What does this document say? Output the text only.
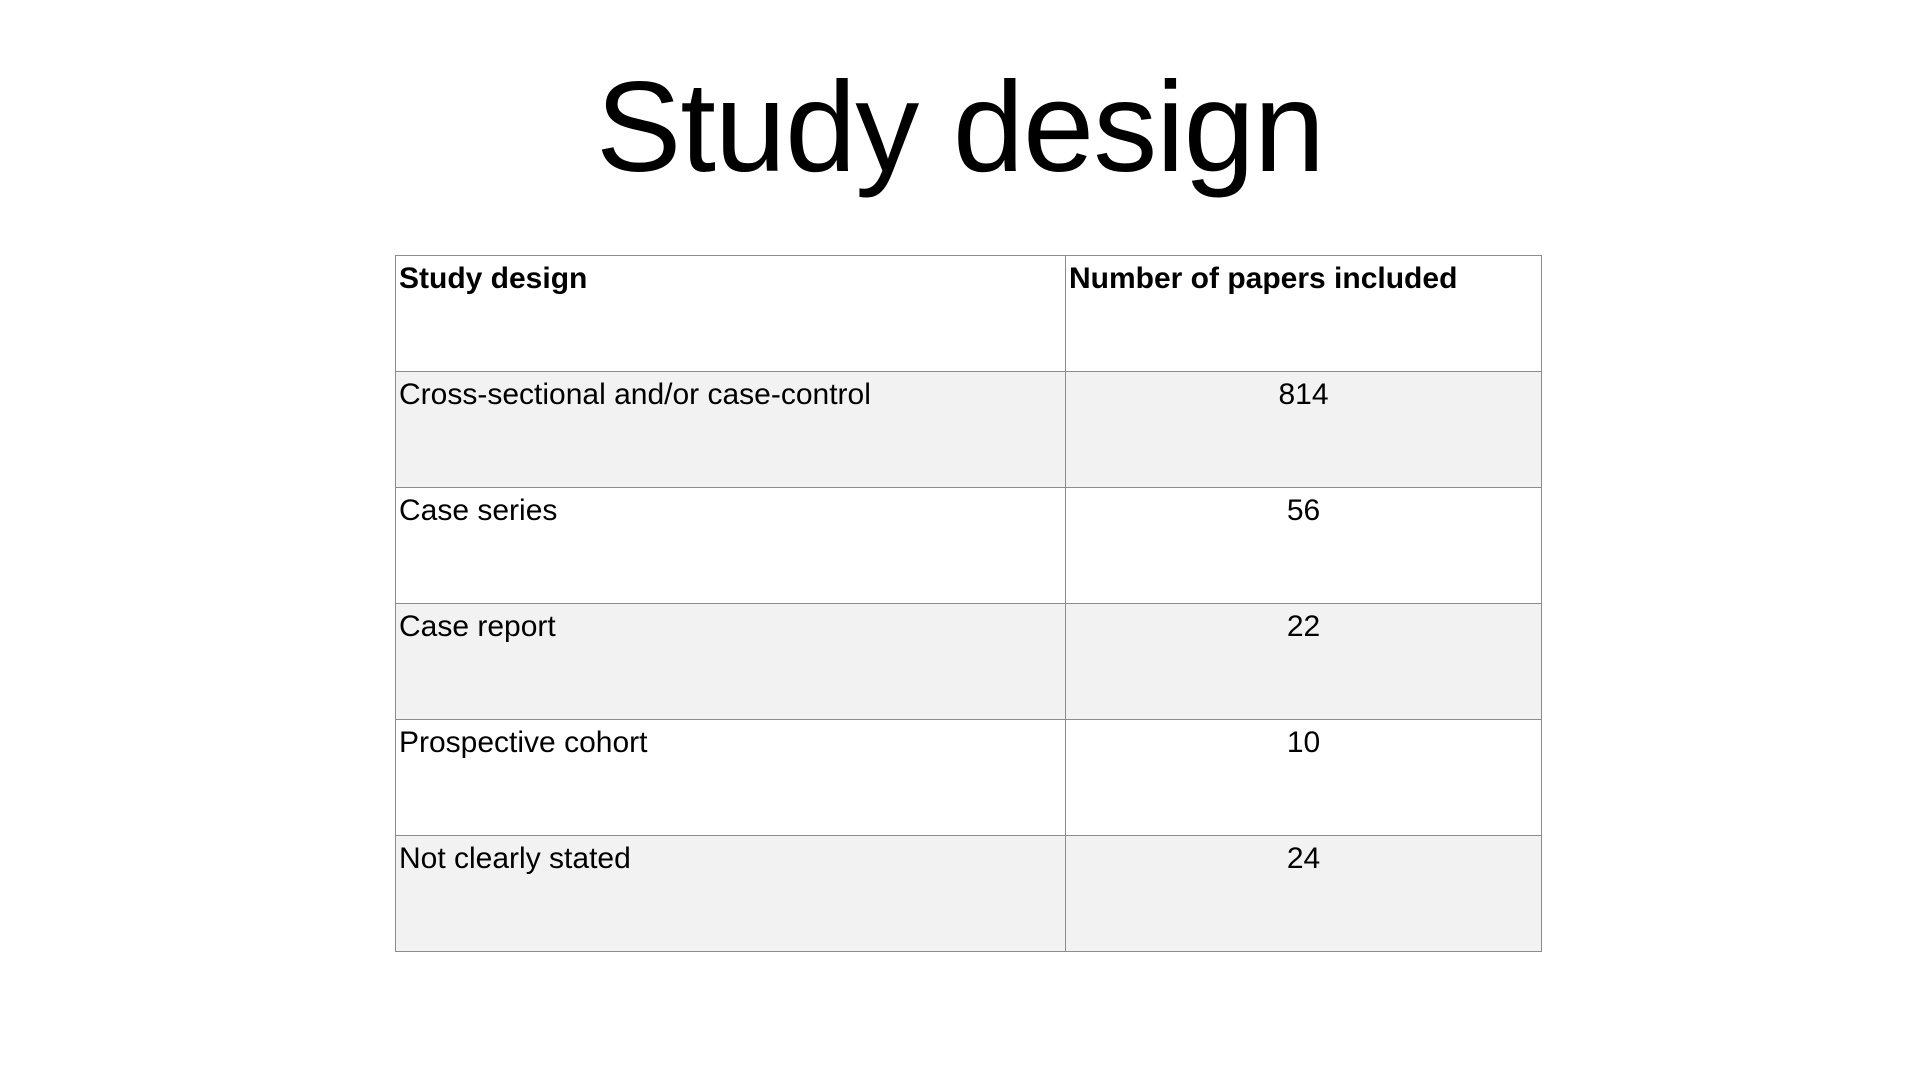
Study design
Study design	Number of papers included

Cross-sectional and/or case-control	814

Case series	56

Case report	22

Prospective cohort	10

Not clearly stated	24
